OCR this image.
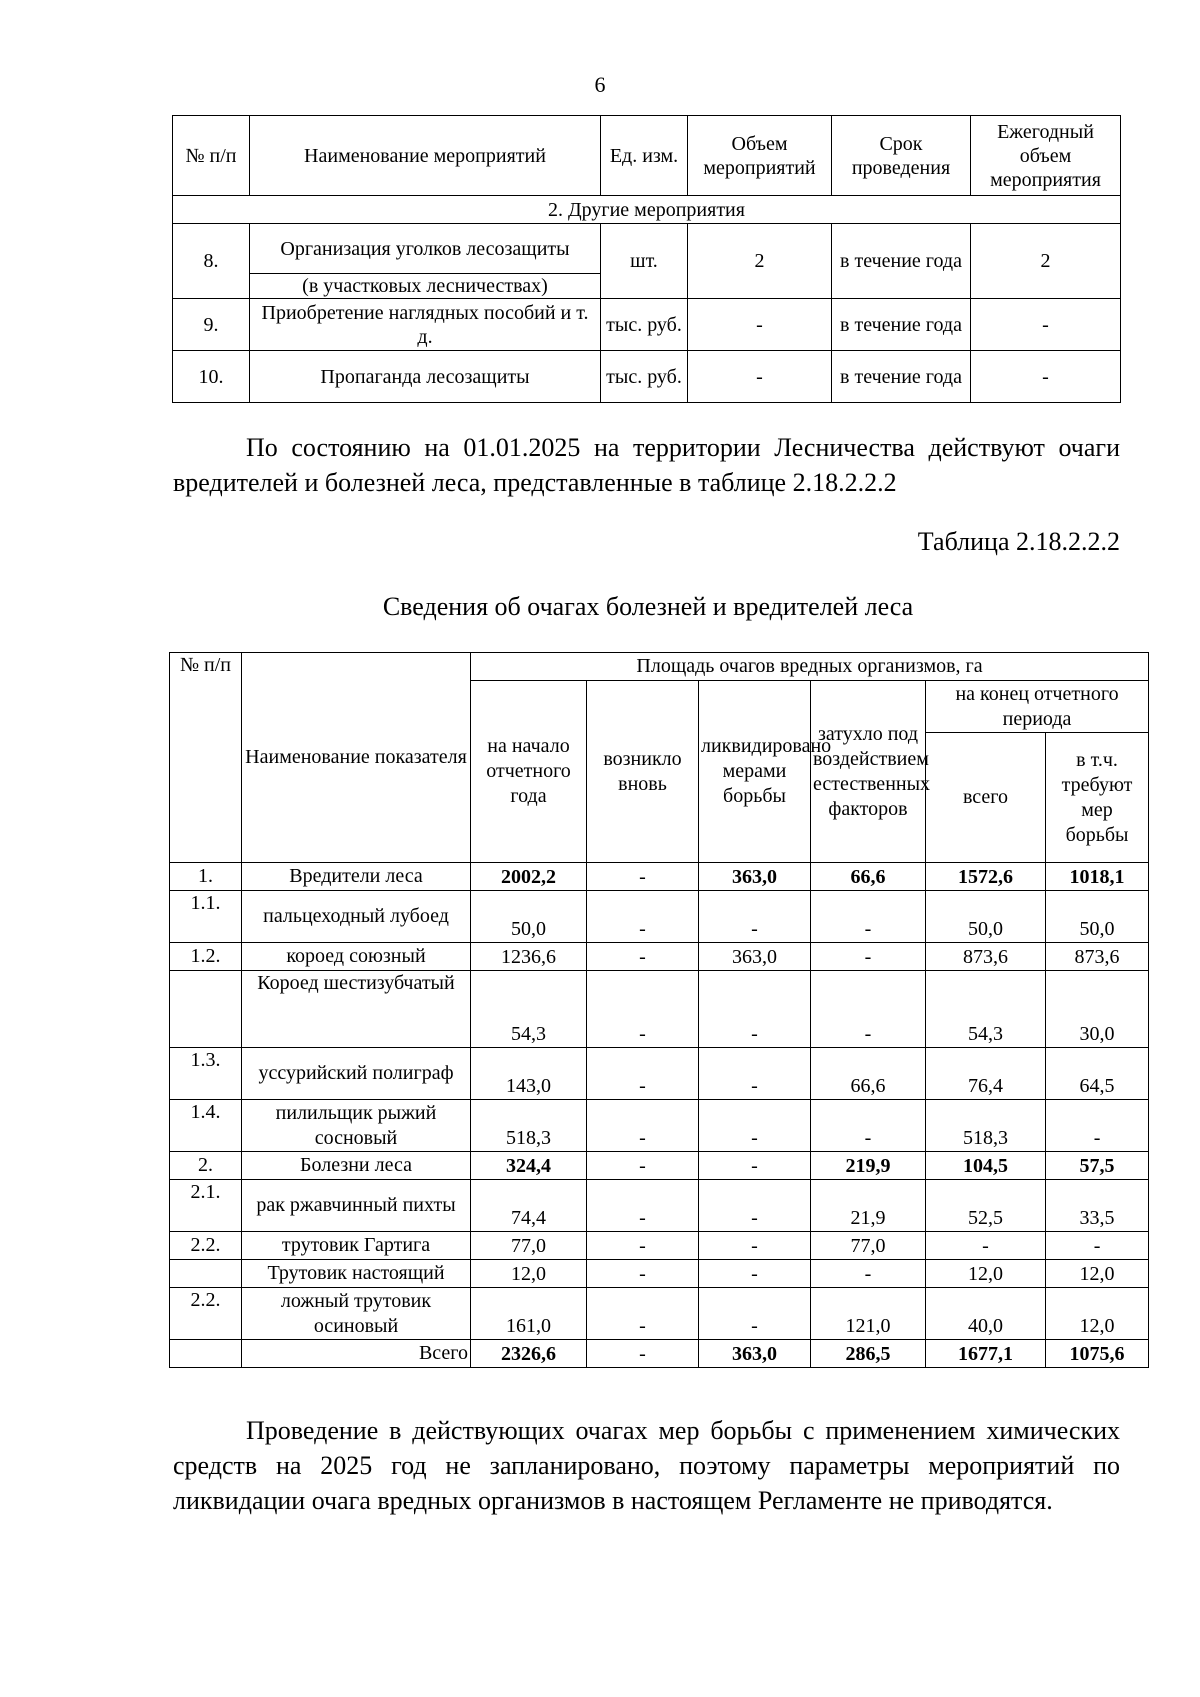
6
№ п/п	Наименование мероприятий	Ед. изм.	Объем мероприятий	Срок проведения	Ежегодный объем мероприятия
2. Другие мероприятия					
8.	Организация уголков лесозащиты	шт.	2	в течение года	2
	(в участковых лесничествах)				
9.	Приобретение наглядных пособий и т. д.	тыс. руб.	-	в течение года	-
10.	Пропаганда лесозащиты	тыс. руб.	-	в течение года	-
По состоянию на 01.01.2025 на территории Лесничества действуют очаги вредителей и болезней леса, представленные в таблице 2.18.2.2.2
Таблица 2.18.2.2.2
Сведения об очагах болезней и вредителей леса
№ п/п	Наименование показателя	Площадь очагов вредных организмов, га					
		на начало отчетного года	возникло вновь	ликвидировано мерами борьбы	затухло под воздействием естественных факторов	на конец отчетного периода	
						всего	в т.ч. требуют мер борьбы
1.	Вредители леса	2002,2	-	363,0	66,6	1572,6	1018,1
1.1.	пальцеходный лубоед	50,0	-	-	-	50,0	50,0
1.2.	короед союзный	1236,6	-	363,0	-	873,6	873,6
	Короед шестизубчатый	54,3	-	-	-	54,3	30,0
1.3.	уссурийский полиграф	143,0	-	-	66,6	76,4	64,5
1.4.	пилильщик рыжий сосновый	518,3	-	-	-	518,3	-
2.	Болезни леса	324,4	-	-	219,9	104,5	57,5
2.1.	рак ржавчинный пихты	74,4	-	-	21,9	52,5	33,5
2.2.	трутовик Гартига	77,0	-	-	77,0	-	-
	Трутовик настоящий	12,0	-	-	-	12,0	12,0
2.2.	ложный трутовик осиновый	161,0	-	-	121,0	40,0	12,0
	Всего	2326,6	-	363,0	286,5	1677,1	1075,6
Проведение в действующих очагах мер борьбы с применением химических средств на 2025 год не запланировано, поэтому параметры мероприятий по ликвидации очага вредных организмов в настоящем Регламенте не приводятся.
